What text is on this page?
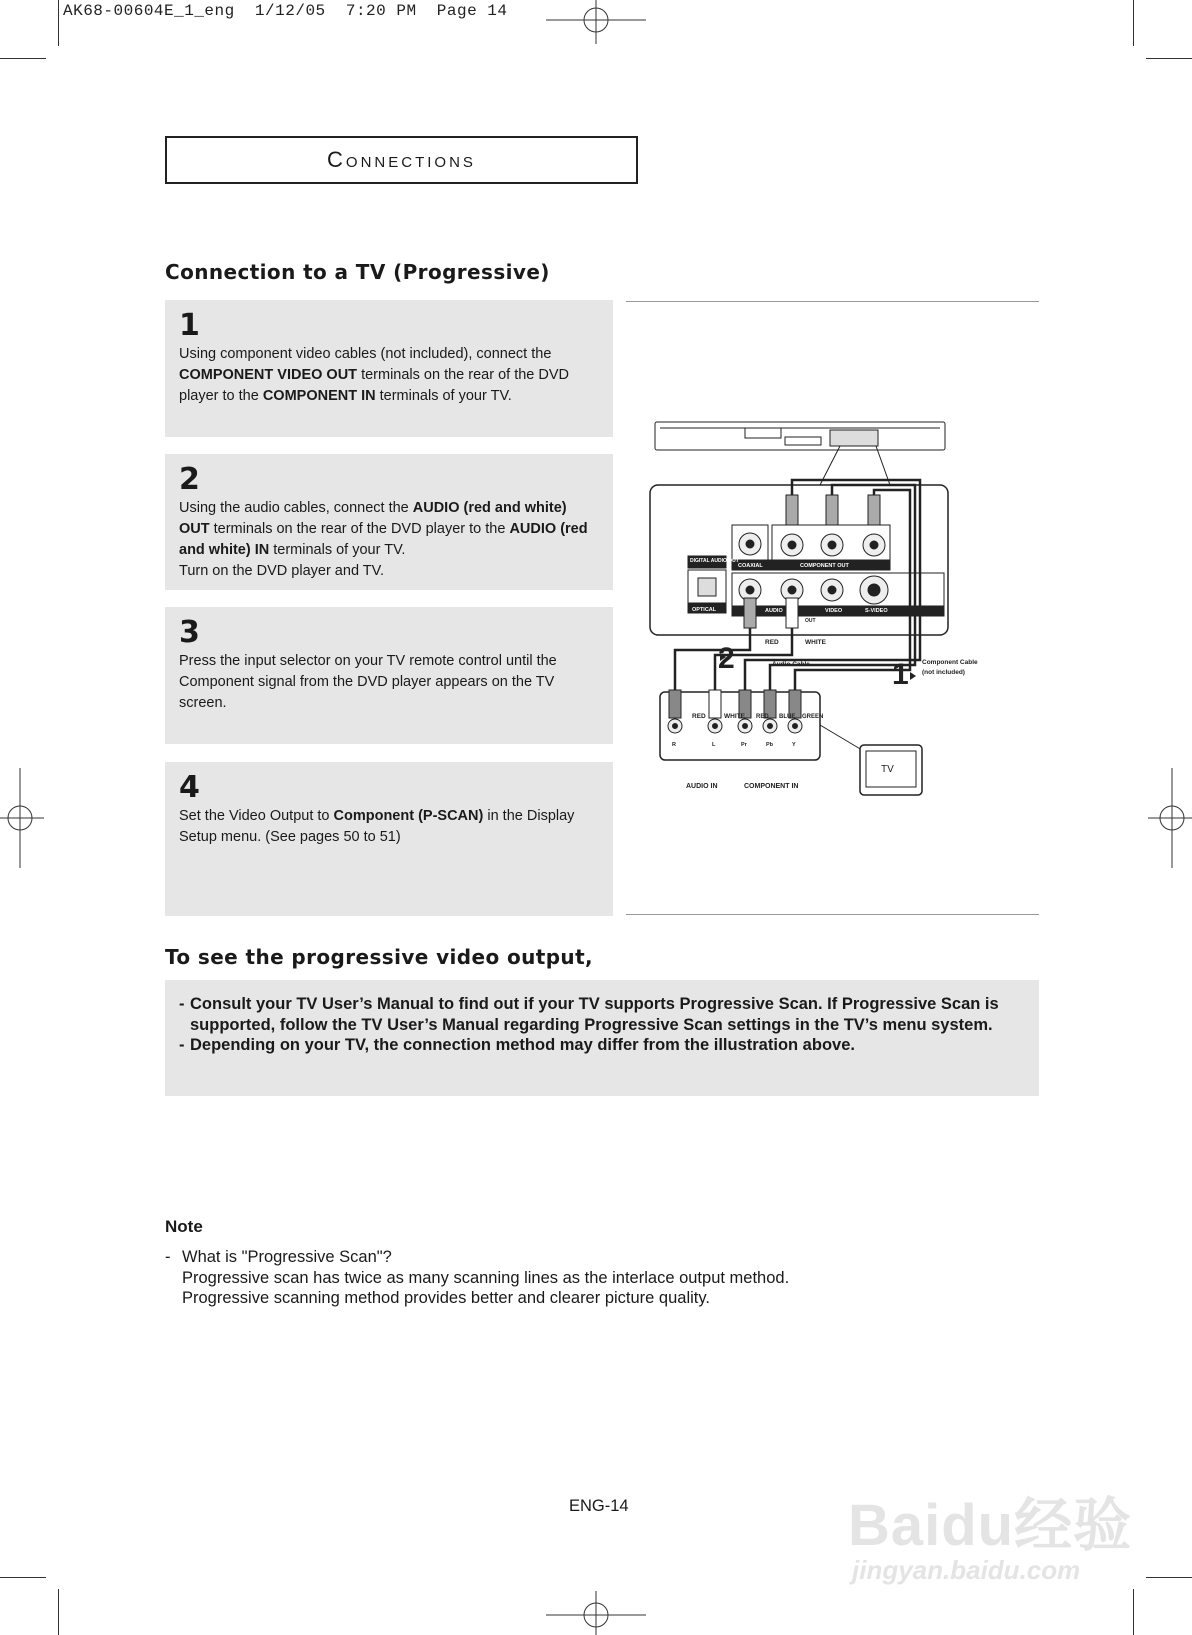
AK68-00604E_1_eng  1/12/05  7:20 PM  Page 14
Connections
Connection to a TV (Progressive)
1
Using component video cables (not included), connect the COMPONENT VIDEO OUT terminals on the rear of the DVD player to the COMPONENT IN terminals of your TV.
2
Using the audio cables, connect the AUDIO (red and white) OUT terminals on the rear of the DVD player to the AUDIO (red and white) IN terminals of your TV.
Turn on the DVD player and TV.
3
Press the input selector on your TV remote control until the Component signal from the DVD player appears on the TV screen.
4
Set the Video Output to Component (P-SCAN) in the Display Setup menu. (See pages 50 to 51)
DIGITAL AUDIO OUT
COAXIAL	COMPONENT OUT
OPTICAL	AUDIO	VIDEO	S-VIDEO
OUT
RED	WHITE
Audio Cable	Component Cable
(not included)
2	1
RED	WHITE RED BLUE GREEN
R	L	Pr	Pb	Y
AUDIO IN	COMPONENT IN
TV
To see the progressive video output,
- Consult your TV User’s Manual to find out if your TV supports Progressive Scan. If Progressive Scan is supported, follow the TV User’s Manual regarding Progressive Scan settings in the TV’s menu system.
- Depending on your TV, the connection method may differ from the illustration above.
Note
- What is "Progressive Scan"?
Progressive scan has twice as many scanning lines as the interlace output method.
Progressive scanning method provides better and clearer picture quality.
ENG-14	Baidu经验
jingyan.baidu.com
